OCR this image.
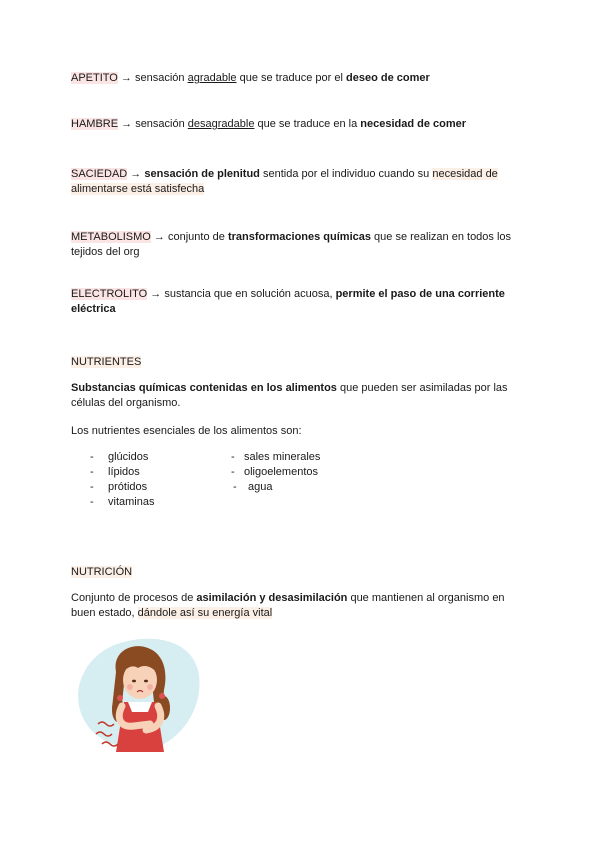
APETITO → sensación agradable que se traduce por el deseo de comer
HAMBRE → sensación desagradable que se traduce en la necesidad de comer
SACIEDAD → sensación de plenitud sentida por el individuo cuando su necesidad de alimentarse está satisfecha
METABOLISMO → conjunto de transformaciones químicas que se realizan en todos los tejidos del org
ELECTROLITO → sustancia que en solución acuosa, permite el paso de una corriente eléctrica
NUTRIENTES
Substancias químicas contenidas en los alimentos que pueden ser asimiladas por las células del organismo.
Los nutrientes esenciales de los alimentos son:
-	glúcidos
-	lípidos
-	prótidos
-	vitaminas
- sales minerales
- oligoelementos
-	agua
NUTRICIÓN
Conjunto de procesos de asimilación y desasimilación que mantienen al organismo en buen estado, dándole así su energía vital
